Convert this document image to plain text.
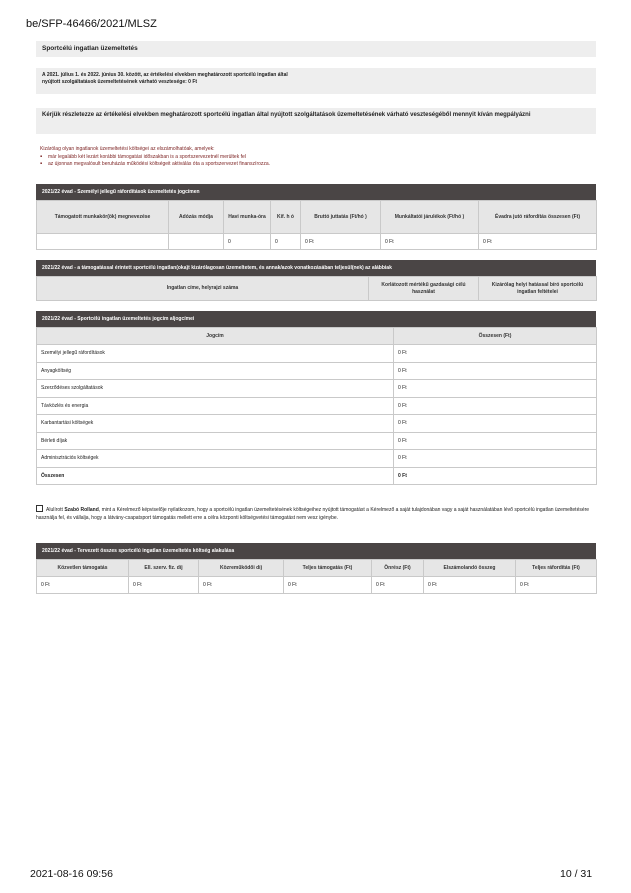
be/SFP-46466/2021/MLSZ
Sportcélú ingatlan üzemeltetés
A 2021. július 1. és 2022. június 30. között, az értékelési elvekben meghatározott sportcélú ingatlan által
nyújtott szolgáltatások üzemeltetésének várható vesztesége: 0 Ft
Kérjük részletezze az értékelési elvekben meghatározott sportcélú ingatlan által nyújtott szolgáltatások üzemeltetésének várható veszteségéből mennyit kíván megpályázni
Kizárólag olyan ingatlanok üzemeltetési költségei az elszámolhatóak, amelyek:
▪ már legalább két lezárt korábbi támogatási időszakban is a sportszervezetnél merültek fel
▪ az újonnan megvalósult beruházás működési költségeit aktiválás óta a sportszervezet finanszírozza.
2021/22 évad - Személyi jellegű ráfordítások üzemeltetés jogcímen
Támogatott munkakör(ök) megnevezése	Adózás módja	Havi munka-óra	Kif. h ó	Bruttó juttatás (Ft/hó )	Munkáltatói járulékok (Ft/hó )	Évadra jutó ráfordítás összesen (Ft)
		0	0	0 Ft	0 Ft	0 Ft
2021/22 évad - a támogatással érintett sportcélú ingatlan(oka)t kizárólagosan üzemeltetem, és annak/azok vonatkozásában teljesül(nek) az alábbiak
Ingatlan címe, helyrajzi száma	Korlátozott mértékű gazdasági célú használat	Kizárólag helyi hatással bíró sportcélú ingatlan feltételei
2021/22 évad - Sportcélú ingatlan üzemeltetés jogcím aljogcímei
Jogcím	Összesen (Ft)
Személyi jellegű ráfordítások	0 Ft
Anyagköltség	0 Ft
Szerződéses szolgáltatások	0 Ft
Távközlés és energia	0 Ft
Karbantartási költségek	0 Ft
Bérleti díjak	0 Ft
Adminisztrációs költségek	0 Ft
Összesen	0 Ft
Alulírott Szabó Rolland, mint a Kérelmező képviselője nyilatkozom, hogy a sportcélú ingatlan üzemeltetésének költségeihez nyújtott támogatást a Kérelmező a saját tulajdonában vagy a saját használatában lévő sportcélú ingatlan üzemeltetésére használja fel, és vállalja, hogy a látvány-csapatsport támogatás mellett erre a célra központi költségvetési támogatást nem vesz igénybe.
2021/22 évad - Tervezett összes sportcélú ingatlan üzemeltetés költség alakulása
Közvetlen támogatás	Ell. szerv. fiz. díj	Közreműködői díj	Teljes támogatás (Ft)	Önrész (Ft)	Elszámolandó összeg	Teljes ráfordítás (Ft)
0 Ft	0 Ft	0 Ft	0 Ft	0 Ft	0 Ft	0 Ft
2021-08-16 09:56	10 / 31
